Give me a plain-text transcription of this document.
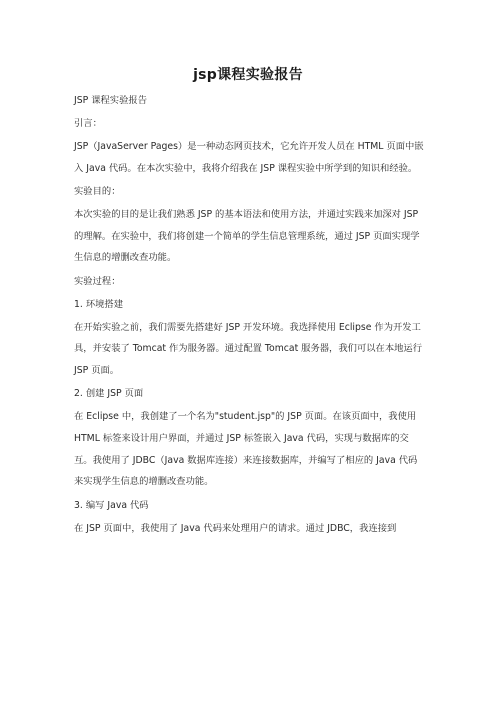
jsp课程实验报告

JSP 课程实验报告

引言：

JSP（JavaServer Pages）是一种动态网页技术，它允许开发人员在 HTML 页面中嵌入 Java 代码。在本次实验中，我将介绍我在 JSP 课程实验中所学到的知识和经验。

实验目的：

本次实验的目的是让我们熟悉 JSP 的基本语法和使用方法，并通过实践来加深对 JSP 的理解。在实验中，我们将创建一个简单的学生信息管理系统，通过 JSP 页面实现学生信息的增删改查功能。

实验过程：

1. 环境搭建

在开始实验之前，我们需要先搭建好 JSP 开发环境。我选择使用 Eclipse 作为开发工具，并安装了 Tomcat 作为服务器。通过配置 Tomcat 服务器，我们可以在本地运行 JSP 页面。

2. 创建 JSP 页面

在 Eclipse 中，我创建了一个名为"student.jsp"的 JSP 页面。在该页面中，我使用 HTML 标签来设计用户界面，并通过 JSP 标签嵌入 Java 代码，实现与数据库的交互。我使用了 JDBC（Java 数据库连接）来连接数据库，并编写了相应的 Java 代码来实现学生信息的增删改查功能。

3. 编写 Java 代码

在 JSP 页面中，我使用了 Java 代码来处理用户的请求。通过 JDBC，我连接到
